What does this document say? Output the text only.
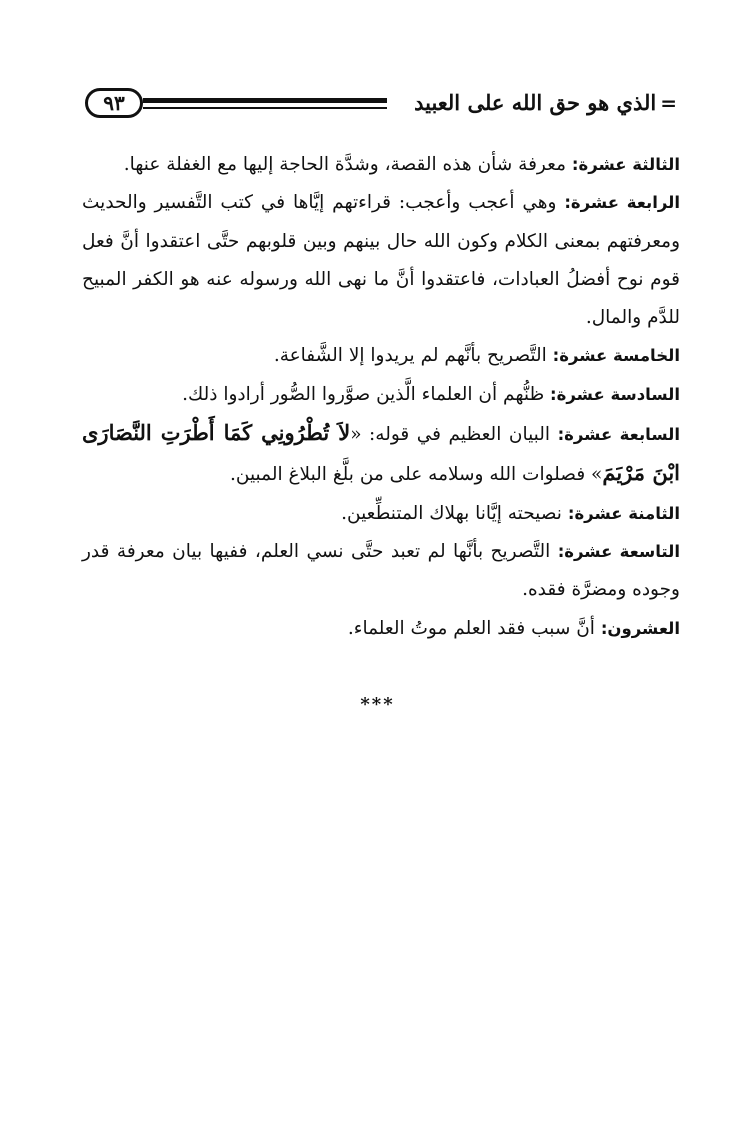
٩٣	=الذي هو حق الله على العبيد

الثالثة عشرة: معرفة شأن هذه القصة، وشدَّة الحاجة إليها مع الغفلة عنها.

الرابعة عشرة: وهي أعجب وأعجب: قراءتهم إيَّاها في كتب التَّفسير والحديث ومعرفتهم بمعنى الكلام وكون الله حال بينهم وبين قلوبهم حتَّى اعتقدوا أنَّ فعل قوم نوح أفضلُ العبادات، فاعتقدوا أنَّ ما نهى الله ورسوله عنه هو الكفر المبيح للدَّم والمال.

الخامسة عشرة: التَّصريح بأنَّهم لم يريدوا إلا الشَّفاعة.

السادسة عشرة: ظنُّهم أن العلماء الَّذين صوَّروا الصُّور أرادوا ذلك.

السابعة عشرة: البيان العظيم في قوله: «لاَ تُطْرُونِي كَمَا أَطْرَتِ النَّصَارَى ابْنَ مَرْيَمَ» فصلوات الله وسلامه على من بلَّغ البلاغ المبين.

الثامنة عشرة: نصيحته إيَّانا بهلاك المتنطِّعين.

التاسعة عشرة: التَّصريح بأنَّها لم تعبد حتَّى نسي العلم، ففيها بيان معرفة قدر وجوده ومضرَّة فقده.

العشرون: أنَّ سبب فقد العلم موتُ العلماء.

***
